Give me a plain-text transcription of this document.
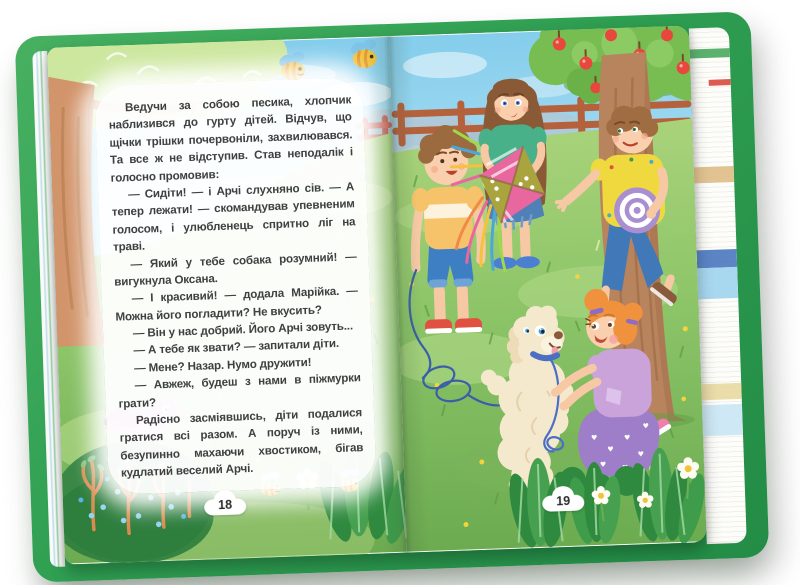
Ведучи за собою песика, хлопчик наблизився до гурту дітей. Відчув, що щічки трішки почервоніли, захвилювався. Та все ж не відступив. Став неподалік і голосно промовив:

— Сидіти! — і Арчі слухняно сів. — А тепер лежати! — скомандував упевненим голосом, і улюбленець спритно ліг на траві.

— Який у тебе собака розумний! — вигукнула Оксана.

— І красивий! — додала Марійка. — Можна його погладити? Не вкусить?

— Він у нас добрий. Його Арчі зовуть...

— А тебе як звати? — запитали діти.

— Мене? Назар. Нумо дружити!

— Авжеж, будеш з нами в піжмурки грати?

Радісно засміявшись, діти подалися гратися всі разом. А поруч із ними, безупинно махаючи хвостиком, бігав кудлатий веселий Арчі.

18
♥
♥
♥
♥
♥
♥
19
